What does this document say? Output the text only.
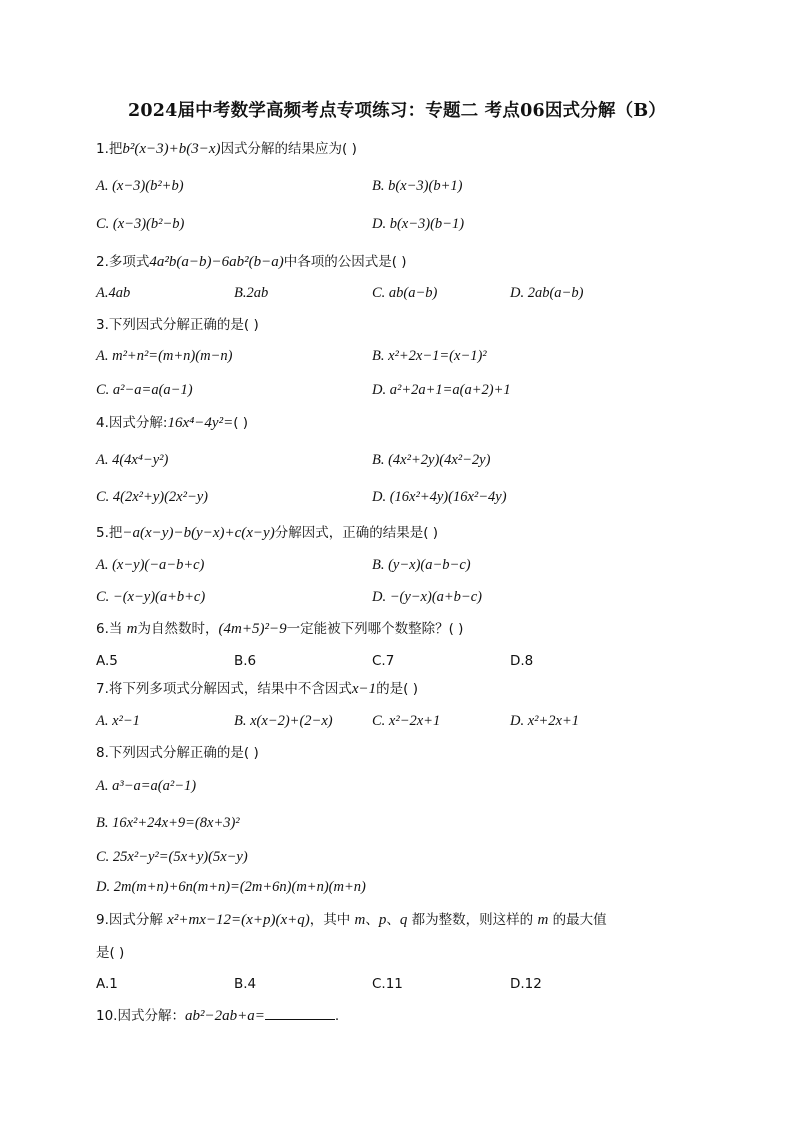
2024届中考数学高频考点专项练习：专题二 考点06因式分解（B）
1.把b²(x−3)+b(3−x)因式分解的结果应为( )
A. (x−3)(b²+b)	B. b(x−3)(b+1)
C. (x−3)(b²−b)	D. b(x−3)(b−1)
2.多项式4a²b(a−b)−6ab²(b−a)中各项的公因式是( )
A.4ab	B.2ab	C. ab(a−b)	D. 2ab(a−b)
3.下列因式分解正确的是( )
A. m²+n²=(m+n)(m−n)	B. x²+2x−1=(x−1)²
C. a²−a=a(a−1)	D. a²+2a+1=a(a+2)+1
4.因式分解:16x⁴−4y²=( )
A. 4(4x⁴−y²)	B. (4x²+2y)(4x²−2y)
C. 4(2x²+y)(2x²−y)	D. (16x²+4y)(16x²−4y)
5.把−a(x−y)−b(y−x)+c(x−y)分解因式，正确的结果是( )
A. (x−y)(−a−b+c)	B. (y−x)(a−b−c)
C. −(x−y)(a+b+c)	D. −(y−x)(a+b−c)
6.当 m为自然数时，(4m+5)²−9一定能被下列哪个数整除？( )
A.5	B.6	C.7	D.8
7.将下列多项式分解因式，结果中不含因式x−1的是( )
A. x²−1	B. x(x−2)+(2−x)	C. x²−2x+1	D. x²+2x+1
8.下列因式分解正确的是( )
A. a³−a=a(a²−1)
B. 16x²+24x+9=(8x+3)²
C. 25x²−y²=(5x+y)(5x−y)
D. 2m(m+n)+6n(m+n)=(2m+6n)(m+n)(m+n)
9.因式分解 x²+mx−12=(x+p)(x+q)，其中 m、p、q 都为整数，则这样的 m 的最大值
是( )
A.1	B.4	C.11	D.12
10.因式分解：ab²−2ab+a=	.
